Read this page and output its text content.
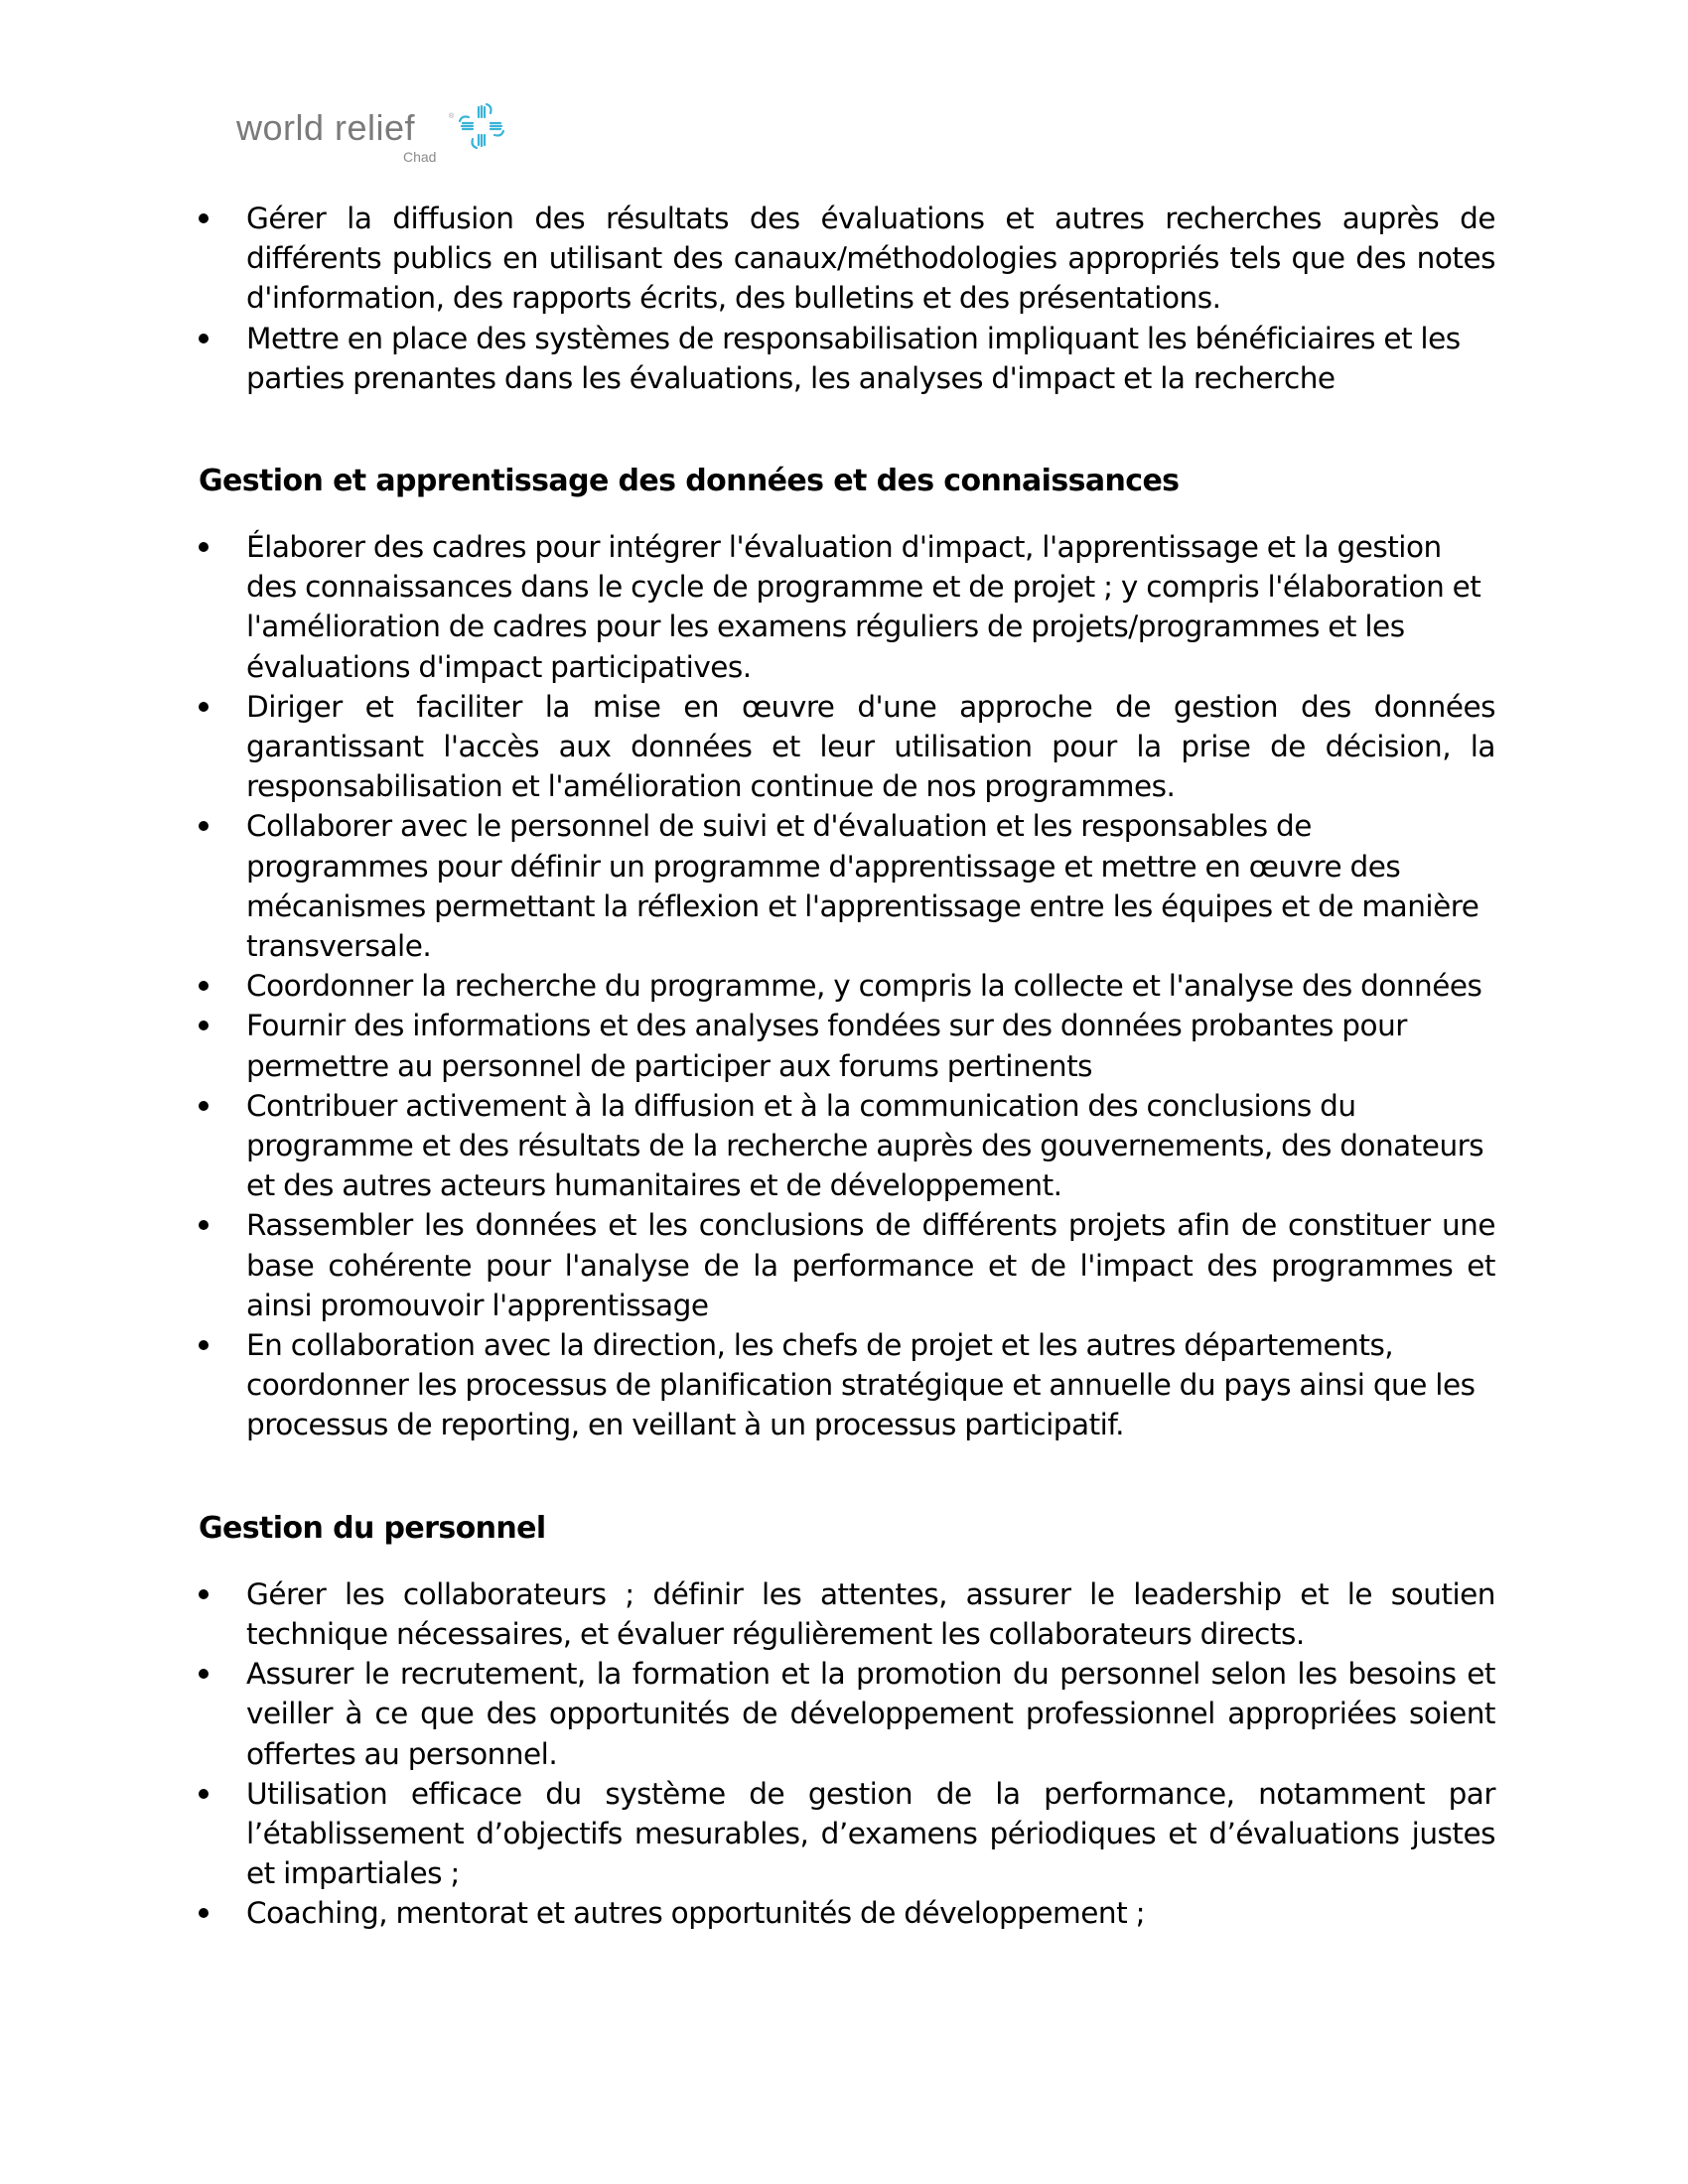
world relief	®
Chad
Gérer la diffusion des résultats des évaluations et autres recherches auprès de différents publics en utilisant des canaux/méthodologies appropriés tels que des notes d'information, des rapports écrits, des bulletins et des présentations.
Mettre en place des systèmes de responsabilisation impliquant les bénéficiaires et les parties prenantes dans les évaluations, les analyses d'impact et la recherche
Gestion et apprentissage des données et des connaissances
Élaborer des cadres pour intégrer l'évaluation d'impact, l'apprentissage et la gestion des connaissances dans le cycle de programme et de projet ; y compris l'élaboration et l'amélioration de cadres pour les examens réguliers de projets/programmes et les évaluations d'impact participatives.
Diriger et faciliter la mise en œuvre d'une approche de gestion des données garantissant l'accès aux données et leur utilisation pour la prise de décision, la responsabilisation et l'amélioration continue de nos programmes.
Collaborer avec le personnel de suivi et d'évaluation et les responsables de programmes pour définir un programme d'apprentissage et mettre en œuvre des mécanismes permettant la réflexion et l'apprentissage entre les équipes et de manière transversale.
Coordonner la recherche du programme, y compris la collecte et l'analyse des données
Fournir des informations et des analyses fondées sur des données probantes pour permettre au personnel de participer aux forums pertinents
Contribuer activement à la diffusion et à la communication des conclusions du programme et des résultats de la recherche auprès des gouvernements, des donateurs et des autres acteurs humanitaires et de développement.
Rassembler les données et les conclusions de différents projets afin de constituer une base cohérente pour l'analyse de la performance et de l'impact des programmes et ainsi promouvoir l'apprentissage
En collaboration avec la direction, les chefs de projet et les autres départements, coordonner les processus de planification stratégique et annuelle du pays ainsi que les processus de reporting, en veillant à un processus participatif.
Gestion du personnel
Gérer les collaborateurs ; définir les attentes, assurer le leadership et le soutien technique nécessaires, et évaluer régulièrement les collaborateurs directs.
Assurer le recrutement, la formation et la promotion du personnel selon les besoins et veiller à ce que des opportunités de développement professionnel appropriées soient offertes au personnel.
Utilisation efficace du système de gestion de la performance, notamment par l’établissement d’objectifs mesurables, d’examens périodiques et d’évaluations justes et impartiales ;
Coaching, mentorat et autres opportunités de développement ;
